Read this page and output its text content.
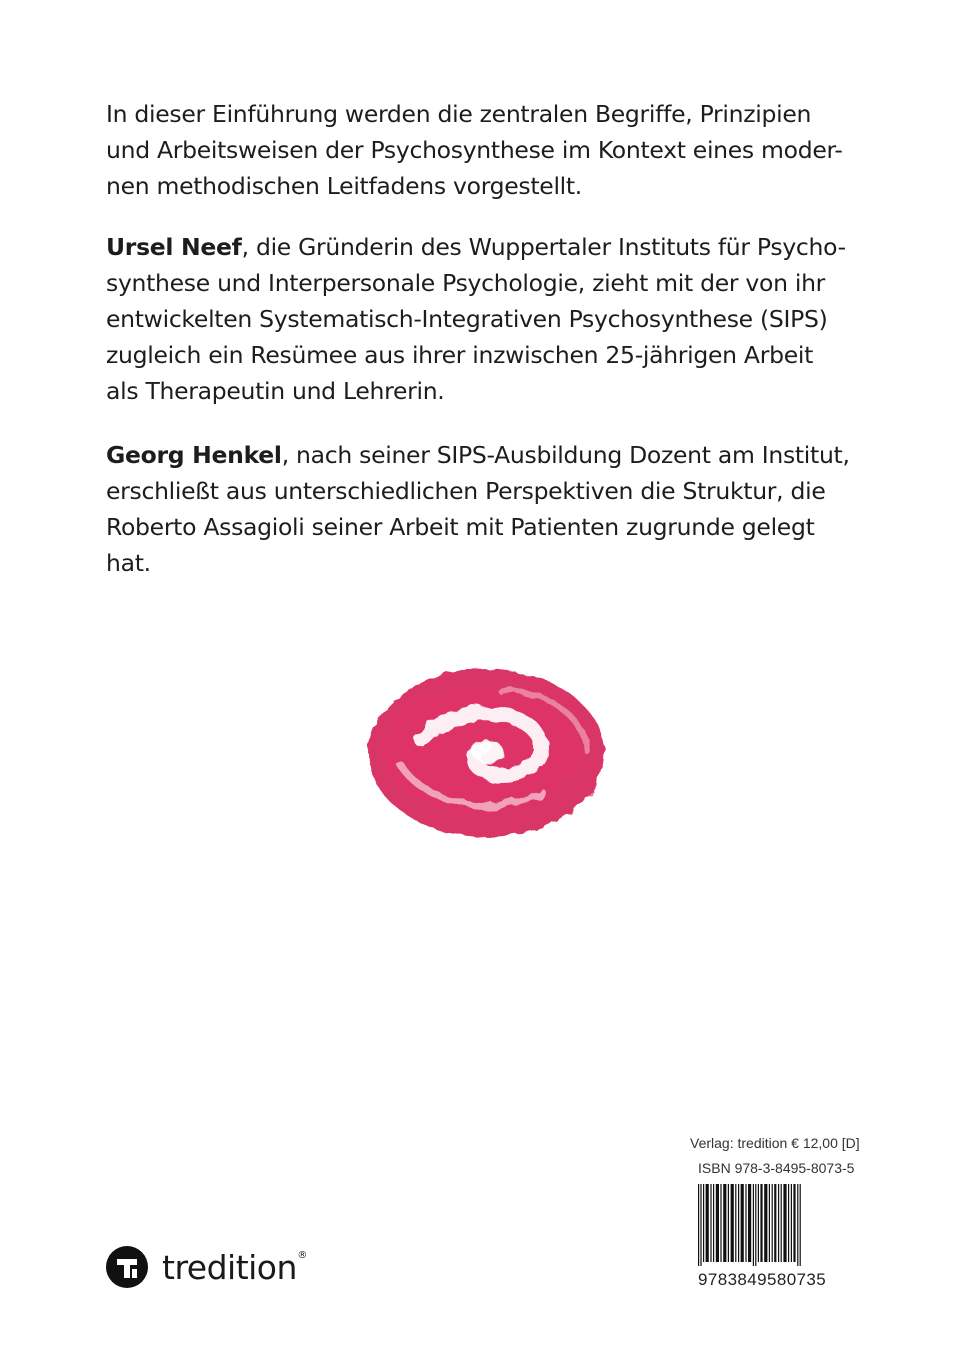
In dieser Einführung werden die zentralen Begriffe, Prinzipien
und Arbeitsweisen der Psychosynthese im Kontext eines moder-
nen methodischen Leitfadens vorgestellt.

Ursel Neef, die Gründerin des Wuppertaler Instituts für Psycho-
synthese und Interpersonale Psychologie, zieht mit der von ihr
entwickelten Systematisch-Integrativen Psychosynthese (SIPS)
zugleich ein Resümee aus ihrer inzwischen 25-jährigen Arbeit
als Therapeutin und Lehrerin.

Georg Henkel, nach seiner SIPS-Ausbildung Dozent am Institut,
erschließt aus unterschiedlichen Perspektiven die Struktur, die
Roberto Assagioli seiner Arbeit mit Patienten zugrunde gelegt
hat.

Verlag: tredition € 12,00 [D]
ISBN 978-3-8495-8073-5
9783849580735
tredition ®
